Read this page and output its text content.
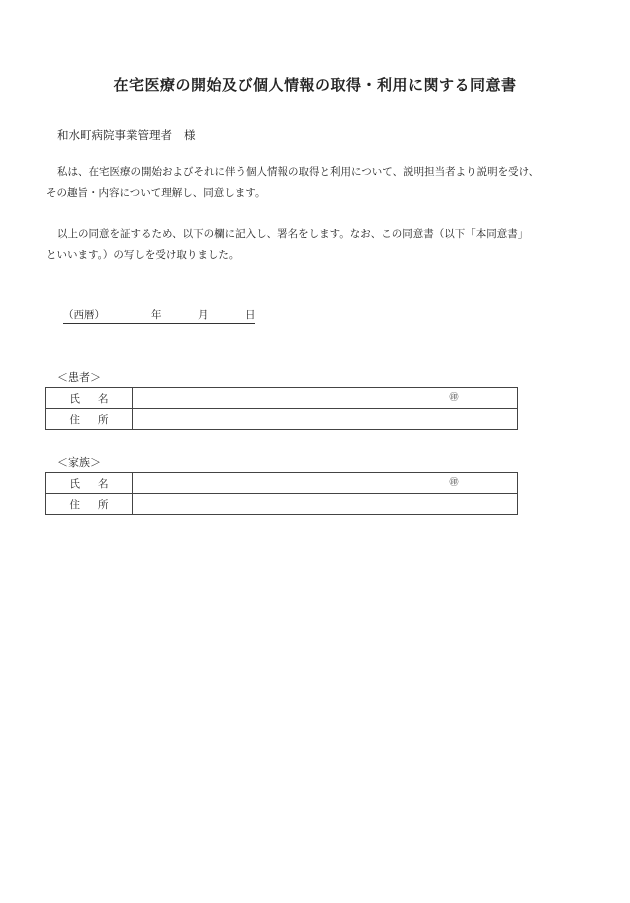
在宅医療の開始及び個人情報の取得・利用に関する同意書
和水町病院事業管理者 様
私は、在宅医療の開始およびそれに伴う個人情報の取得と利用について、説明担当者より説明を受け、
その趣旨・内容について理解し、同意します。
以上の同意を証するため、以下の欄に記入し、署名をします。なお、この同意書（以下「本同意書」
といいます。）の写しを受け取りました。
（西暦）	年	月	日
＜患者＞
氏 名	㊞

住 所	
＜家族＞
氏 名	㊞

住 所	
